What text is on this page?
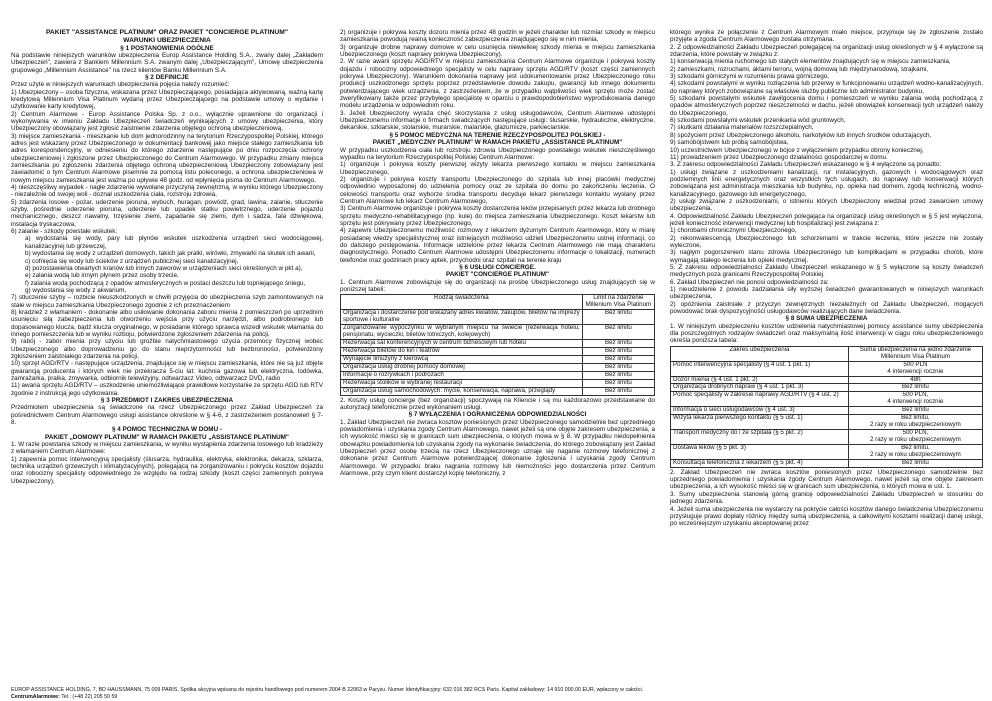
PAKIET "ASSISTANCE PLATINUM" ORAZ PAKIET "CONCIERGE PLATINUM"
WARUNKI UBEZPIECZENIA

§ 1 POSTANOWIENIA OGÓLNE

Na podstawie niniejszych warunków ubezpieczenia Europ Assistance Holding S.A., zwany dalej „Zakładem Ubezpieczeń", zawiera z Bankiem Millennium S.A. zwanym dalej „Ubezpieczającym", Umowę ubezpieczenia grupowego „Millennium Assistance" na rzecz klientów Banku Millennium S.A.

§ 2 DEFINICJE

Przez użyte w niniejszych warunkach ubezpieczenia pojęcia należy rozumieć:

1) Ubezpieczony – osoba fizyczna, wskazana przez Ubezpieczającego, posiadająca aktywowaną, ważną kartę kredytową Millennium Visa Platinum wydaną przez Ubezpieczającego na podstawie umowy o wydanie i użytkowanie karty kredytowej,

2) Centrum Alarmowe - Europ Assistance Polska Sp. z o.o., wyłącznie uprawnione do organizacji i wykonywania w imieniu Zakładu Ubezpieczeń świadczeń wynikających z umowy ubezpieczenia, który Ubezpieczony obowiązany jest zgłosić zaistnienie zdarzenia objętego ochroną ubezpieczeniową,

3) miejsce zamieszkania - mieszkanie lub dom jednorodzinny na terytorium Rzeczypospolitej Polskiej, którego adres jest wskazany przez Ubezpieczonego w dokumentacji bankowej jako miejsce stałego zamieszkania lub adres korespondencyjny, w odniesieniu do którego zdarzenie następujące po dniu rozpoczęcia ochrony ubezpieczeniowej i zgłoszone przez Ubezpieczonego do Centrum Alarmowego. W przypadku zmiany miejsca zamieszkania po zgłoszeniu zdarzenia objętego ochroną ubezpieczeniową Ubezpieczony zobowiązany jest zawiadomić o tym Centrum Alarmowe pisemnie za pomocą listu poleconego, a ochrona ubezpieczeniowa w nowym miejscu zamieszkania jest ważna po upływie 48 godz. od wpłynięcia pisma do Centrum Alarmowego,

4) nieszczęśliwy wypadek - nagłe zdarzenie wywołane przyczyną zewnętrzną, w wyniku którego Ubezpieczony - niezależnie od swojej woli - doznał uszkodzenia ciała, rozstroju zdrowia,

5) zdarzenia losowe - pożar, uderzenie pioruna, wybuch, huragan, powódź, grad, lawina, zalanie, stłuczenie szyby, pośrednie uderzenie pioruna, uderzenie lub upadek statku powietrznego, uderzenie pojazdu mechanicznego, deszcz nawalny, trzęsienie ziemi, zapadanie się ziemi, dym i sadza, fala dźwiękowa, instalacja tryskaczowa,

6) zalanie - szkody powstałe wskutek:

a) wydostania się wody, pary lub płynów wskutek uszkodzenia urządzeń sieci wodociągowej, kanalizacyjnej lub grzewczej,

b) wydostania się wody z urządzeń domowych, takich jak pralki, wirówki, zmywarki na skutek ich awarii,

c) cofnięcia się wody lub ścieków z urządzeń publicznej sieci kanalizacyjnej,

d) pozostawienia otwartych kranów lub innych zaworów w urządzeniach sieci określonych w pkt a),

e) zalania wodą lub innym płynem przez osoby trzecie,

f) zalania wodą pochodzącą z opadów atmosferycznych w postaci deszczu lub topniejącego śniegu,

g) wydostania się wody z akwarium,

7) stłuczenie szyby – rozbicie nieuszkodzonych w chwili przyjęcia do ubezpieczenia szyb zamontowanych na stałe w miejscu zamieszkania Ubezpieczonego zgodnie z ich przeznaczeniem

8) kradzież z włamaniem - dokonanie albo usiłowanie dokonania zaboru mienia z pomieszczeń po uprzednim usunięciu siłą zabezpieczenia lub otworzeniu wejścia przy użyciu narzędzi, albo podrobionego lub dopasowanego klucza, bądź klucza oryginalnego, w posiadanie którego sprawca wszedł wskutek włamania do innego pomieszczenia lub w wyniku rozboju, potwierdzone zgłoszeniem zdarzenia na policji,

9) rabój - zabór mienia przy użyciu lub groźbie natychmiastowego użycia przemocy fizycznej wobec Ubezpieczonego albo doprowadzeniu go do stanu nieprzytomności lub bezbronności, potwierdzony zgłoszeniem zaistniałego zdarzenia na policji,

10) sprzęt AGD/RTV - następujące urządzenia, znajdujące się w miejscu zamieszkania, które nie są już objęte gwarancją producenta i których wiek nie przekracza 5-ciu lat: kuchnia gazowa lub elektryczna, lodówka, zamrażarka, pralka, zmywarka, odbiornik telewizyjny, odtwarzacz Video, odtwarzacz DVD, radio

11) awaria sprzętu AGD/RTV – uszkodzenie uniemożliwiające prawidłowe korzystanie ze sprzętu AGD lub RTV zgodnie z instrukcją jego użytkowania.

§ 3 PRZEDMIOT I ZAKRES UBEZPIECZENIA

Przedmiotem ubezpieczenia są świadczone na rzecz Ubezpieczonego przez Zakład Ubezpieczeń za pośrednictwem Centrum Alarmowego usługi assistance określone w § 4-6, z zastrzeżeniem postanowień § 7-8.

§ 4 POMOC TECHNICZNA W DOMU -

PAKIET „DOMOWY PLATINUM" W RAMACH PAKIETU „ASSISTANCE PLATINUM"

1. W razie powstania szkody w miejscu zamieszkania, w wyniku wystąpienia zdarzenia losowego lub kradzieży z włamaniem Centrum Alarmowe:

1) zapewnia pomoc interwencyjną specjalisty (ślusarza, hydraulika, elektryka, elektronika, dekarza, szklarza, technika urządzeń grzewczych i klimatyzacyjnych), polegającą na zorganizowaniu i pokryciu kosztów dojazdu oraz robocizny specjalisty odpowiedniego ze względu na rodzaj szkody (koszt części zamiennych pokrywa Ubezpieczony),

2) organizuje i pokrywa koszty dozoru mienia przez 48 godzin w jeżeli charakter lub rozmiar szkody w miejscu zamieszkania powodują realną konieczność zabezpieczenia znajdującego się w nim mienia,

3) organizuje drobne naprawy domowe w celu usunięcia niewielkiej szkody mienia w miejscu zamieszkania Ubezpieczonego (koszt naprawy pokrywa Ubezpieczony).

2. W razie awarii sprzętu AGD/RTV w miejscu zamieszkania Centrum Alarmowe organizuje i pokrywa koszty dojazdu i robocizny odpowiedniego specjalisty w celu naprawy sprzętu AGD/RTV (koszt części zamiennych pokrywa Ubezpieczony). Warunkiem dokonania naprawy jest udokumentowanie przez Ubezpieczonego roku produkcji uszkodzonego sprzętu poprzez przedstawienie dowodu zakupu, gwarancji lub innego dokumentu potwierdzającego wiek urządzenia, z zastrzeżeniem, że w przypadku wątpliwości wiek sprzętu może zostać zweryfikowany także przez przybyłego specjalistę w oparciu o prawdopodobieństwo wyprodukowania danego modelu urządzenia w odpowiednim roku.

3. Jeżeli Ubezpieczony wyraża chęć skorzystania z usług usługodawców, Centrum Alarmowe udostępni Ubezpieczonemu informacje o firmach świadczących następujące usługi: ślusarskie, hydrauliczne, elektryczne, dekarskie, szklarskie, stolarskie, murarskie, malarskie, glazurnicze, parkieciarskie.

§ 5 POMOC MEDYCZNA NA TERENIE RZECZYPOSPOLITEJ POLSKIEJ -

PAKIET „MEDYCZNY PLATINUM" W RAMACH PAKIETU „ASSISTANCE PLATINUM"

W przypadku uszkodzenia ciała lub rozstroju zdrowia Ubezpieczonego powstałego wskutek nieszczęśliwego wypadku na terytorium Rzeczypospolitej Polskiej Centrum Alarmowe:

1) organizuje i pokrywa koszty pierwszej wizyty lekarza pierwszego kontaktu w miejscu zamieszkania Ubezpieczonego,

2) organizuje i pokrywa koszty transportu Ubezpieczonego do szpitala lub innej placówki medycznej odpowiednio wyposażonej do udzielenia pomocy oraz ze szpitala do domu po zakończeniu leczenia. O celowości transportu oraz wyborze środka transportu decyduje lekarz pierwszego kontaktu wysłany przez Centrum Alarmowe lub lekarz Centrum Alarmowego,

3) Centrum Alarmowe organizuje i pokrywa koszty dostarczenia leków przepisanych przez lekarza lub drobnego sprzętu medyczno-rehabilitacyjnego (np. kule) do miejsca zamieszkania Ubezpieczonego. Koszt lekarstw lub sprzętu jest pokrywany przez Ubezpieczonego,

4) zapewni Ubezpieczonemu możliwość rozmowy z lekarzem dyżurnym Centrum Alarmowego, który w miarę posiadanej wiedzy specjalistycznej oraz istniejących możliwości udzieli Ubezpieczonemu ustnej informacji, co do dalszego postępowania. Informacje udzielone przez lekarza Centrum Alarmowego nie mają charakteru diagnostycznego. Ponadto Centrum Alarmowe udostępni Ubezpieczonemu informacje o lokalizacji, numerach telefonów oraz godzinach pracy aptek, przychodni oraz szpitali na terenie kraju

§ 6 USŁUGI CONCIERGE.

PAKIET "CONCIERGE PLATINUM"

1. Centrum Alarmowe zobowiązuje się do organizacji na prośbę Ubezpieczonego usług znajdujących się w poniższej tabeli:

Rodzaj świadczenia	Limit na zdarzenie Millenium Visa Platinum
Organizacja i dostarczenie pod wskazany adres kwiatów, zakupów, biletów na imprezy sportowe i kulturalne	Bez limitu
Zorganizowanie wypoczynku w wybranym miejscu na świecie (rezerwacja hotelu, pensjonatu, wycieczki, biletów lotniczych, kolejowych)	Bez limitu
Rezerwacja sal konferencyjnych w centrum biznesowym lub hotelu	Bez limitu
Rezerwacja biletów do kin i teatrów	Bez limitu
Wynajęcie limuzyny z kierowcą	Bez limitu
Organizacja usług drobnej pomocy domowej	Bez limitu
Informacje o rozrywkach i podróżach	Bez limitu
Rezerwacja stolików w wybranej restauracji	Bez limitu
Organizacja usług samochodowych: mycie, konserwacja, naprawa, przeglądy	Bez limitu

2. Koszty usług concierge (bez organizacji) spoczywają na Kliencie i są mu każdorazowo przedstawiane do autoryzacji telefonicznie przed wykonaniem usługi.

§ 7 WYŁĄCZENIA I OGRANICZENIA ODPOWIEDZIALNOŚCI

1. Zakład Ubezpieczeń nie zwraca kosztów poniesionych przez Ubezpieczonego samodzielnie bez uprzedniego powiadomienia i uzyskania zgody Centrum Alarmowego, nawet jeżeli są one objęte zakresem ubezpieczenia, a ich wysokość mieści się w granicach sum ubezpieczenia, o których mowa w § 8. W przypadku niedopełnienia obowiązku powiadomienia lub uzyskania zgody na wykonanie świadczenia, do którego zobowiązany jest Zakład Ubezpieczeń przez osobę trzecią na rzecz Ubezpieczonego uznaje się naganie rozmowy telefonicznej z dokonane przez Centrum Alarmowe potwierdzającej dokonanie zgłoszenia i uzyskania zgody Centrum Alarmowego. W przypadku braku nagrania rozmowy lub niemożności jego dostarczenia przez Centrum Alarmowe, przy czym klient dostarczył kopię telefoniczny, z

którego wynika że połączenie z Centrum Alarmowym miało miejsce, przyjmuje się że zgłoszenie zostało przyjęte a zgoda Centrum Alarmowego została otrzymana.

2. Z odpowiedzialności Zakładu Ubezpieczeń polegającej na organizacji usług określonych w § 4 wyłączone są zdarzenia, które powstały w związku z:

1) konserwacją mienia ruchomego lub stałych elementów znajdujących się w miejscu zamieszkania,

2) zamieszkami, rozruchami, aktami terroru, wojną domową lub międzynarodową, strajkami,

3) szkodami górniczymi w rozumieniu prawa górniczego,

4) szkodami powstałymi w wyniku rozłączenia lub przerwy w funkcjonowaniu urządzeń wodno-kanalizacyjnych, do naprawy których zobowiązane są właściwe służby publiczne lub administrator budynku,

5) szkodami powstałymi wskutek zawilgocenia domu i pomieszczeń w wyniku zalania wodą pochodzącą z opadów atmosferycznych poprzez nieszczelności w dachu, jeżeli obowiązek konserwacji tych urządzeń należy do Ubezpieczonego,

6) szkodami powstałymi wskutek przenikania wód gruntowych,

7) skutkami działania materiałów rozszczepialnych,

8) spożyciem przez Ubezpieczonego alkoholu, narkotyków lub innych środków odurzających,

9) samobójstwem lub próbą samobójstwa,

10) uczestnictwem Ubezpieczonego w bójce z wyłączeniem przypadku obrony koniecznej,

11) prowadzeniem przez Ubezpieczonego działalności gospodarczej w domu.

3. Z zakresu odpowiedzialności Zakładu Ubezpieczeń wskazanego w § 4 wyłączone są ponadto:

1) usługi związane z uszkodzeniami kanalizacji, rur instalacyjnych, gazowych i wodociągowych oraz podziemnych linii energetycznych oraz wszystkich tych usługach, do naprawy lub konserwacji których zobowiązana jest administracja mieszkania lub budynku, np. opieka nad domem, zgodą techniczną, wodno-kanalizacyjnego, gazowego lub energetycznego,

2) usługi związane z uszkodzeniami, o istnieniu których Ubezpieczony wiedział przed zawarciem umowy ubezpieczenia.

4. Odpowiedzialność Zakładu Ubezpieczeń polegająca na organizacji usług określonych w § 5 jest wyłączona, jeżeli konieczność interwencji medycznej lub hospitalizacji jest związana z:

1) chorobami chronicznymi Ubezpieczonego,

2) rekonwalescencją Ubezpieczonego lub schorzeniami w trakcie leczenia, które jeszcze nie zostały wyleczone,

3) nagłym pogorszeniem stanu zdrowia Ubezpieczonego lub komplikacjami w przypadku chorób, które wymagają stałego leczenia lub opieki medycznej.

5. Z zakresu odpowiedzialności Zakładu Ubezpieczeń wskazanego w § 5 wyłączone są koszty świadczeń medycznych poza granicami Rzeczypospolitej Polskiej.

6. Zakład Ubezpieczeń nie ponosi odpowiedzialności za:

1) nieudzielenie z powodu zadziałania siły wyższej świadczeń gwarantowanych w niniejszych warunkach ubezpieczenia,

2) opóźnienia zaistniałe z przyczyn zewnętrznych niezależnych od Zakładu Ubezpieczeń, mogących powodować brak dyspozycyjności usługodawców realizujących dane świadczenia.

§ 8 SUMA UBEZPIECZENIA

1. W niniejszym ubezpieczeniu kosztów udzielenia natychmiastowej pomocy assistance sumy ubezpieczenia dla poszczególnych rodzajów świadczeń oraz maksymalną ilość interwencji w ciągu roku ubezpieczeniowego określa poniższa tabela:

Zakres ubezpieczenia	Suma ubezpieczenia na jedno zdarzenie Millennium Visa Platinum
Pomoc interwencyjna specjalisty (§ 4 ust. 1 pkt. 1)	500 PLN
4 interwencji rocznie
Dozór mienia (§ 4 ust. 1 pkt. 2)	48h
Organizacja drobnych napraw (§ 4 ust. 1 pkt. 3)	Bez limitu
Pomoc specjalisty w zakresie naprawy AGD/RTV (§ 4 ust. 2)	500 PLN,
4 interwencji rocznie
Informacja o sieci usługodawców (§ 4 ust. 3)	Bez limitu
Wizyta lekarza pierwszego kontaktu (§ 5 ust. 1)	Bez limitu,
2 razy w roku ubezpieczeniowym
Transport medyczny do i ze szpitala (§ 5 pkt. 2)	500 PLN,
2 razy w roku ubezpieczeniowym
Dostawa leków (§ 5 pkt. 3)	Bez limitu,
2 razy w roku ubezpieczeniowym
Konsultacja telefoniczna z lekarzem (§ 5 pkt. 4)	Bez limitu

2. Zakład Ubezpieczeń nie zwraca kosztów poniesionych przez Ubezpieczonego samodzielnie bez uprzedniego powiadomienia i uzyskania zgody Centrum Alarmowego, nawet jeżeli są one objęte zakresem ubezpieczenia, a ich wysokość mieści się w granicach sum ubezpieczenia, o których mowa w ust. 1.

3. Sumy ubezpieczenia stanowią górną granicę odpowiedzialności Zakładu Ubezpieczeń w stosunku do jednego zdarzenia.

4. Jeżeli suma ubezpieczenia nie wystarczy na pokrycie całości kosztów danego świadczenia Ubezpieczonemu przysługuje prawo dopłaty różnicy między sumą ubezpieczenia, a całkowitymi kosztami realizacji danej usługi, po wcześniejszym uzyskaniu akceptowanej przez

EUROP ASSISTANCE HOLDING, 7, BD HAUSSMANN, 75 009 PARIS, Spółka akcyjna wpisana do rejestru handlowego pod numerem 2004 B 22063 w Paryżu. Numer Identyfikacyjny: 632 016 382 RCS Paris. Kapitał zakładowy: 14 910 000,00 EUR, wpłacony w całości.
CentrumAlarmowe: Tel.: (+48 22) 205 50 59
